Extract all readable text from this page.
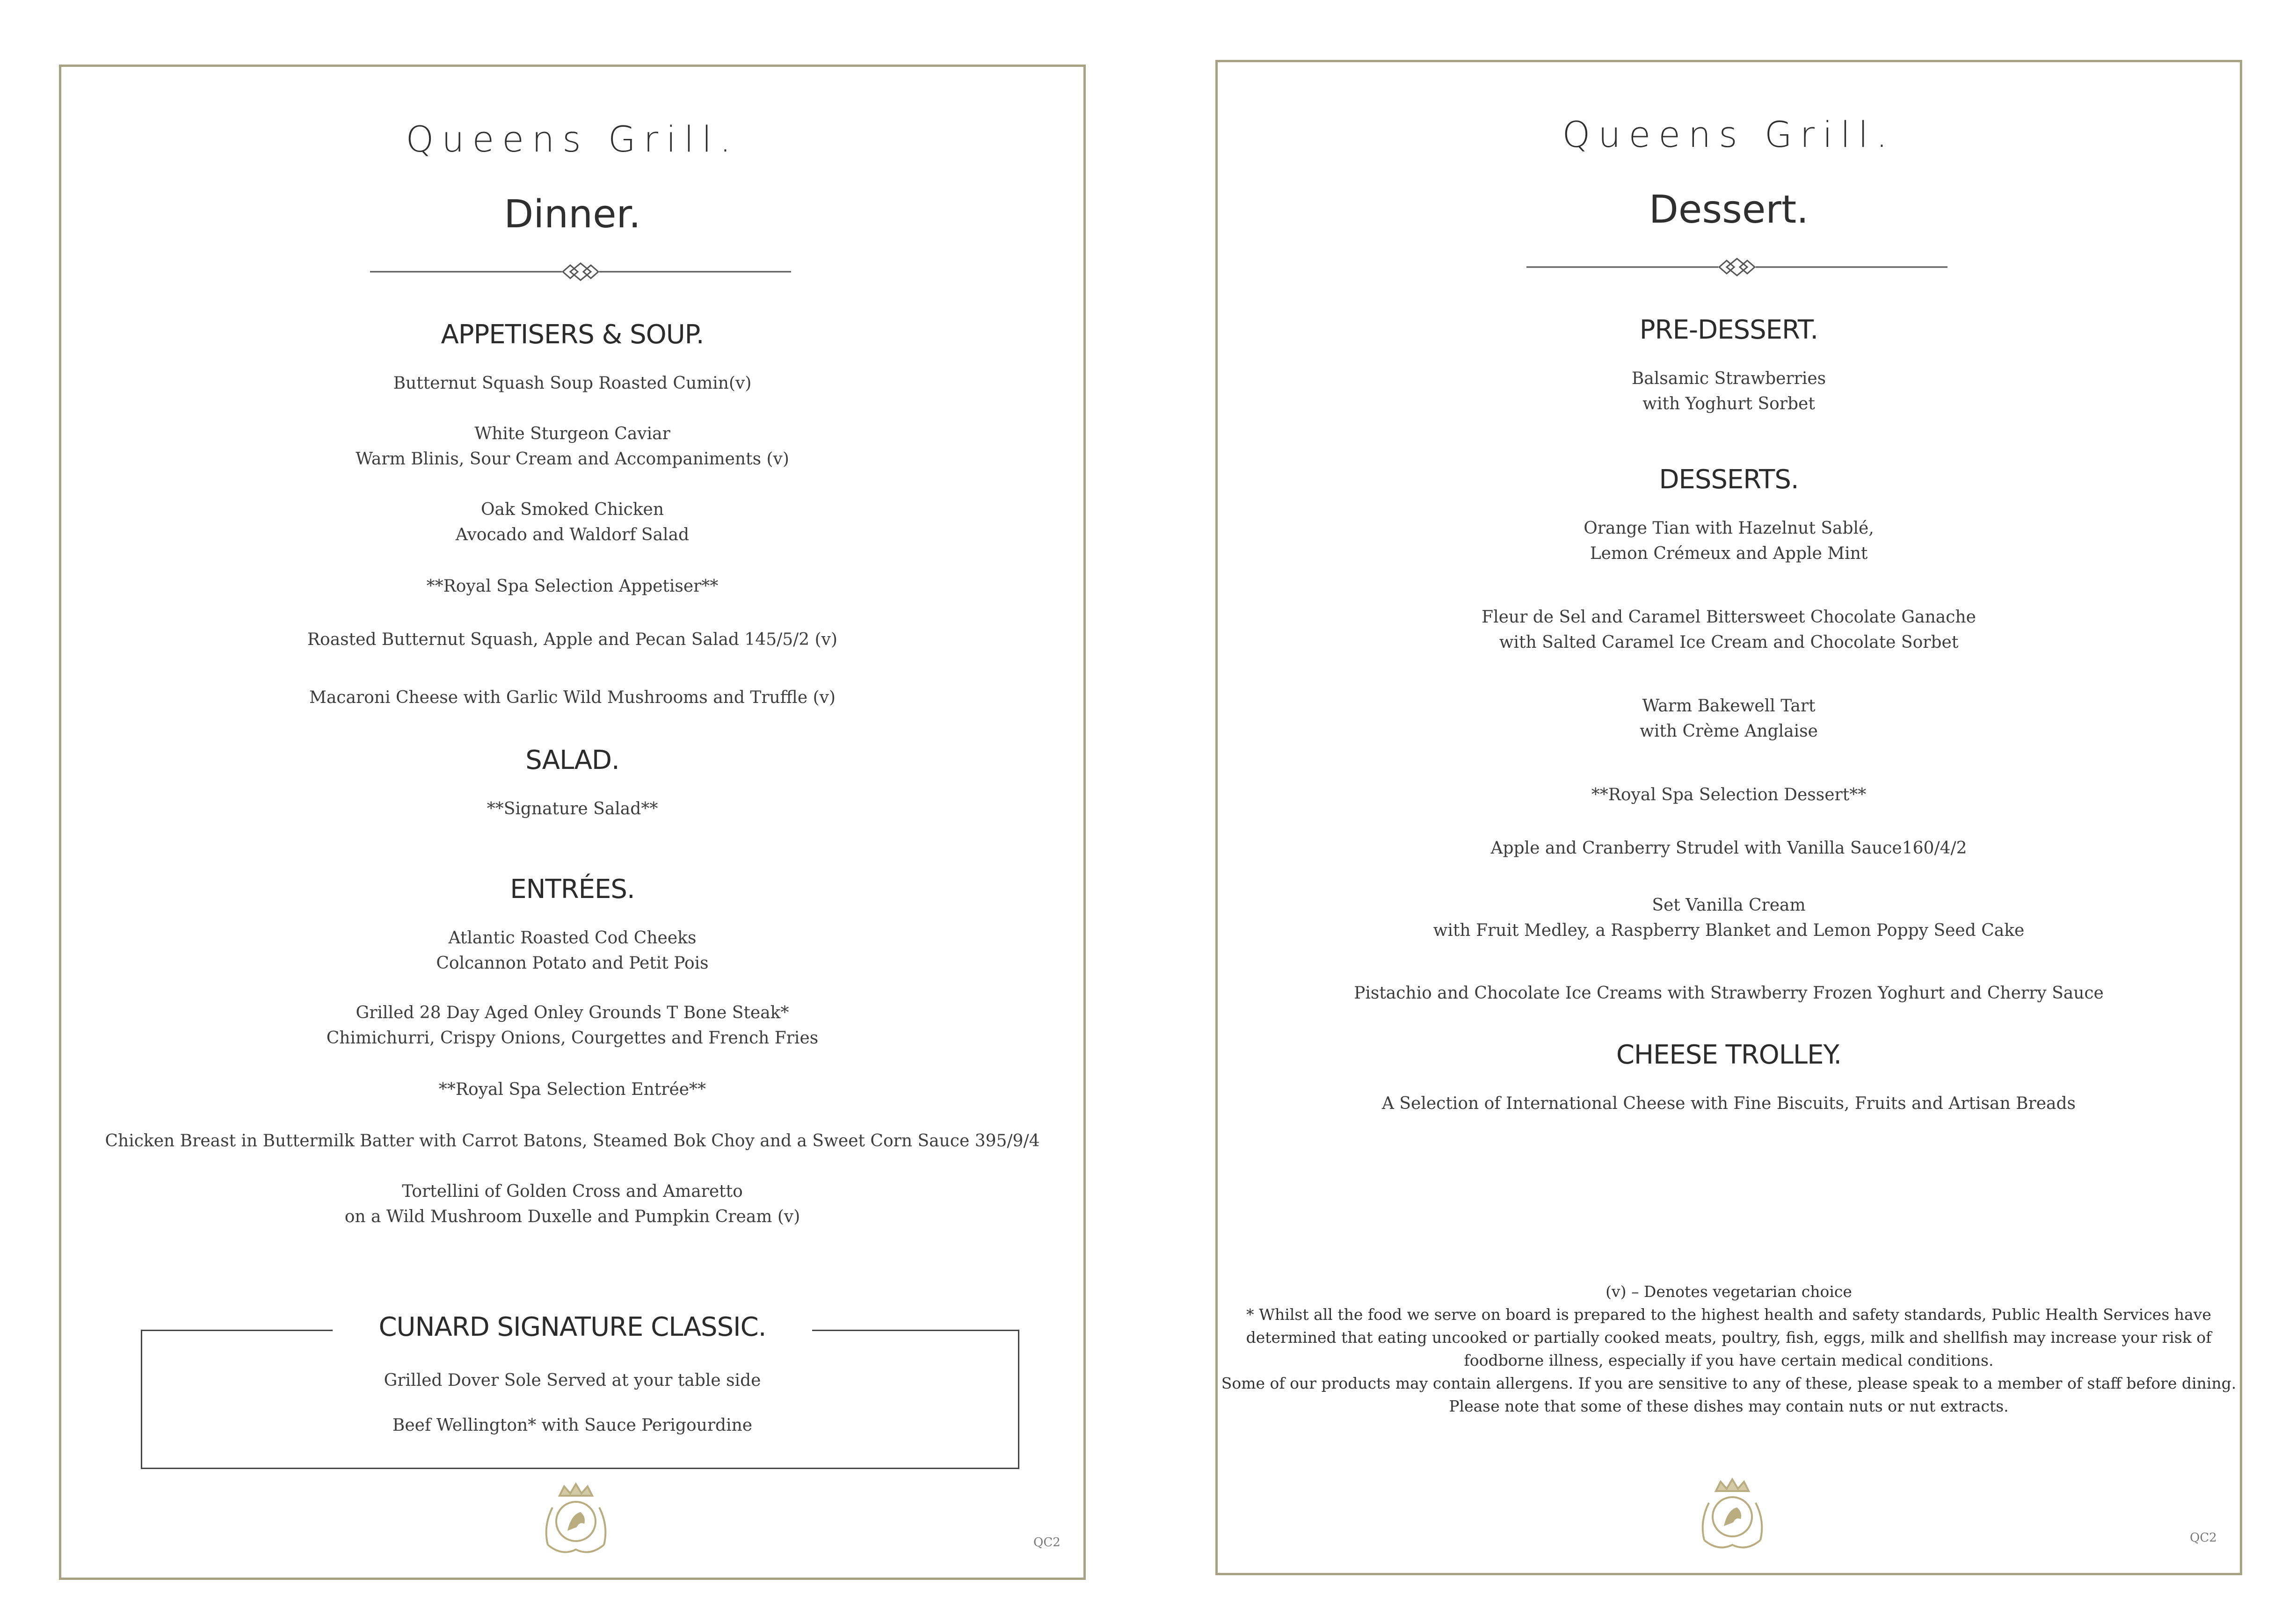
Queens Grill.
Dinner.
APPETISERS & SOUP.
Butternut Squash Soup Roasted Cumin(v)
White Sturgeon Caviar
Warm Blinis, Sour Cream and Accompaniments (v)
Oak Smoked Chicken
Avocado and Waldorf Salad
**Royal Spa Selection Appetiser**
Roasted Butternut Squash, Apple and Pecan Salad 145/5/2 (v)
Macaroni Cheese with Garlic Wild Mushrooms and Truffle (v)
SALAD.
**Signature Salad**
ENTRÉES.
Atlantic Roasted Cod Cheeks
Colcannon Potato and Petit Pois
Grilled 28 Day Aged Onley Grounds T Bone Steak*
Chimichurri, Crispy Onions, Courgettes and French Fries
**Royal Spa Selection Entrée**
Chicken Breast in Buttermilk Batter with Carrot Batons, Steamed Bok Choy and a Sweet Corn Sauce 395/9/4
Tortellini of Golden Cross and Amaretto
on a Wild Mushroom Duxelle and Pumpkin Cream (v)
CUNARD SIGNATURE CLASSIC.
Grilled Dover Sole Served at your table side
Beef Wellington* with Sauce Perigourdine
QC2
Queens Grill.
Dessert.
PRE-DESSERT.
Balsamic Strawberries
with Yoghurt Sorbet
DESSERTS.
Orange Tian with Hazelnut Sablé,
Lemon Crémeux and Apple Mint
Fleur de Sel and Caramel Bittersweet Chocolate Ganache
with Salted Caramel Ice Cream and Chocolate Sorbet
Warm Bakewell Tart
with Crème Anglaise
**Royal Spa Selection Dessert**
Apple and Cranberry Strudel with Vanilla Sauce160/4/2
Set Vanilla Cream
with Fruit Medley, a Raspberry Blanket and Lemon Poppy Seed Cake
Pistachio and Chocolate Ice Creams with Strawberry Frozen Yoghurt and Cherry Sauce
CHEESE TROLLEY.
A Selection of International Cheese with Fine Biscuits, Fruits and Artisan Breads
(v) – Denotes vegetarian choice
* Whilst all the food we serve on board is prepared to the highest health and safety standards, Public Health Services have
determined that eating uncooked or partially cooked meats, poultry, fish, eggs, milk and shellfish may increase your risk of
foodborne illness, especially if you have certain medical conditions.
Some of our products may contain allergens. If you are sensitive to any of these, please speak to a member of staff before dining.
Please note that some of these dishes may contain nuts or nut extracts.
QC2
